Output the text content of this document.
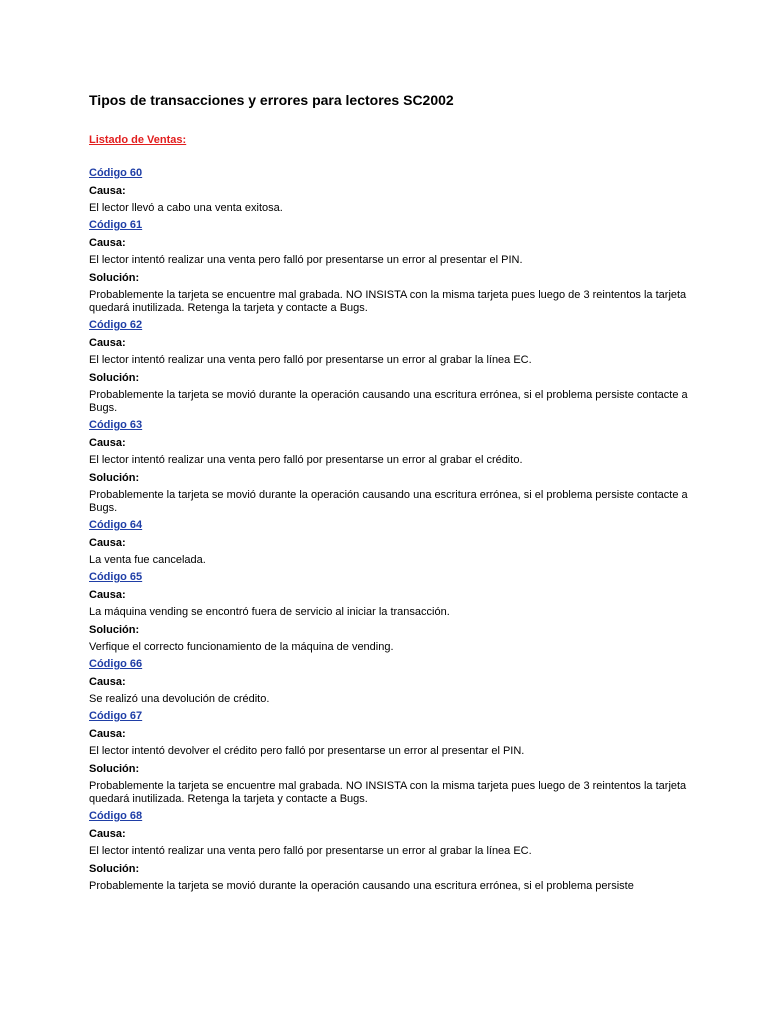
Tipos de transacciones y errores para lectores SC2002
Listado de Ventas:
Código 60
Causa:
El lector llevó a cabo una venta exitosa.
Código 61
Causa:
El lector intentó realizar una venta pero falló por presentarse un error al presentar el PIN.
Solución:
Probablemente la tarjeta se encuentre mal grabada. NO INSISTA con la misma tarjeta pues luego de 3 reintentos la tarjeta quedará inutilizada. Retenga la tarjeta y contacte a Bugs.
Código 62
Causa:
El lector intentó realizar una venta pero falló por presentarse un error al grabar la línea EC.
Solución:
Probablemente la tarjeta se movió durante la operación causando una escritura errónea, si el problema persiste contacte a Bugs.
Código 63
Causa:
El lector intentó realizar una venta pero falló por presentarse un error al grabar el crédito.
Solución:
Probablemente la tarjeta se movió durante la operación causando una escritura errónea, si el problema persiste contacte a Bugs.
Código 64
Causa:
La venta fue cancelada.
Código 65
Causa:
La máquina vending se encontró fuera de servicio al iniciar la transacción.
Solución:
Verfique el correcto funcionamiento de la máquina de vending.
Código 66
Causa:
Se realizó una devolución de crédito.
Código 67
Causa:
El lector intentó devolver el crédito pero falló por presentarse un error al presentar el PIN.
Solución:
Probablemente la tarjeta se encuentre mal grabada. NO INSISTA con la misma tarjeta pues luego de 3 reintentos la tarjeta quedará inutilizada. Retenga la tarjeta y contacte a Bugs.
Código 68
Causa:
El lector intentó realizar una venta pero falló por presentarse un error al grabar la línea EC.
Solución:
Probablemente la tarjeta se movió durante la operación causando una escritura errónea, si el problema persiste
